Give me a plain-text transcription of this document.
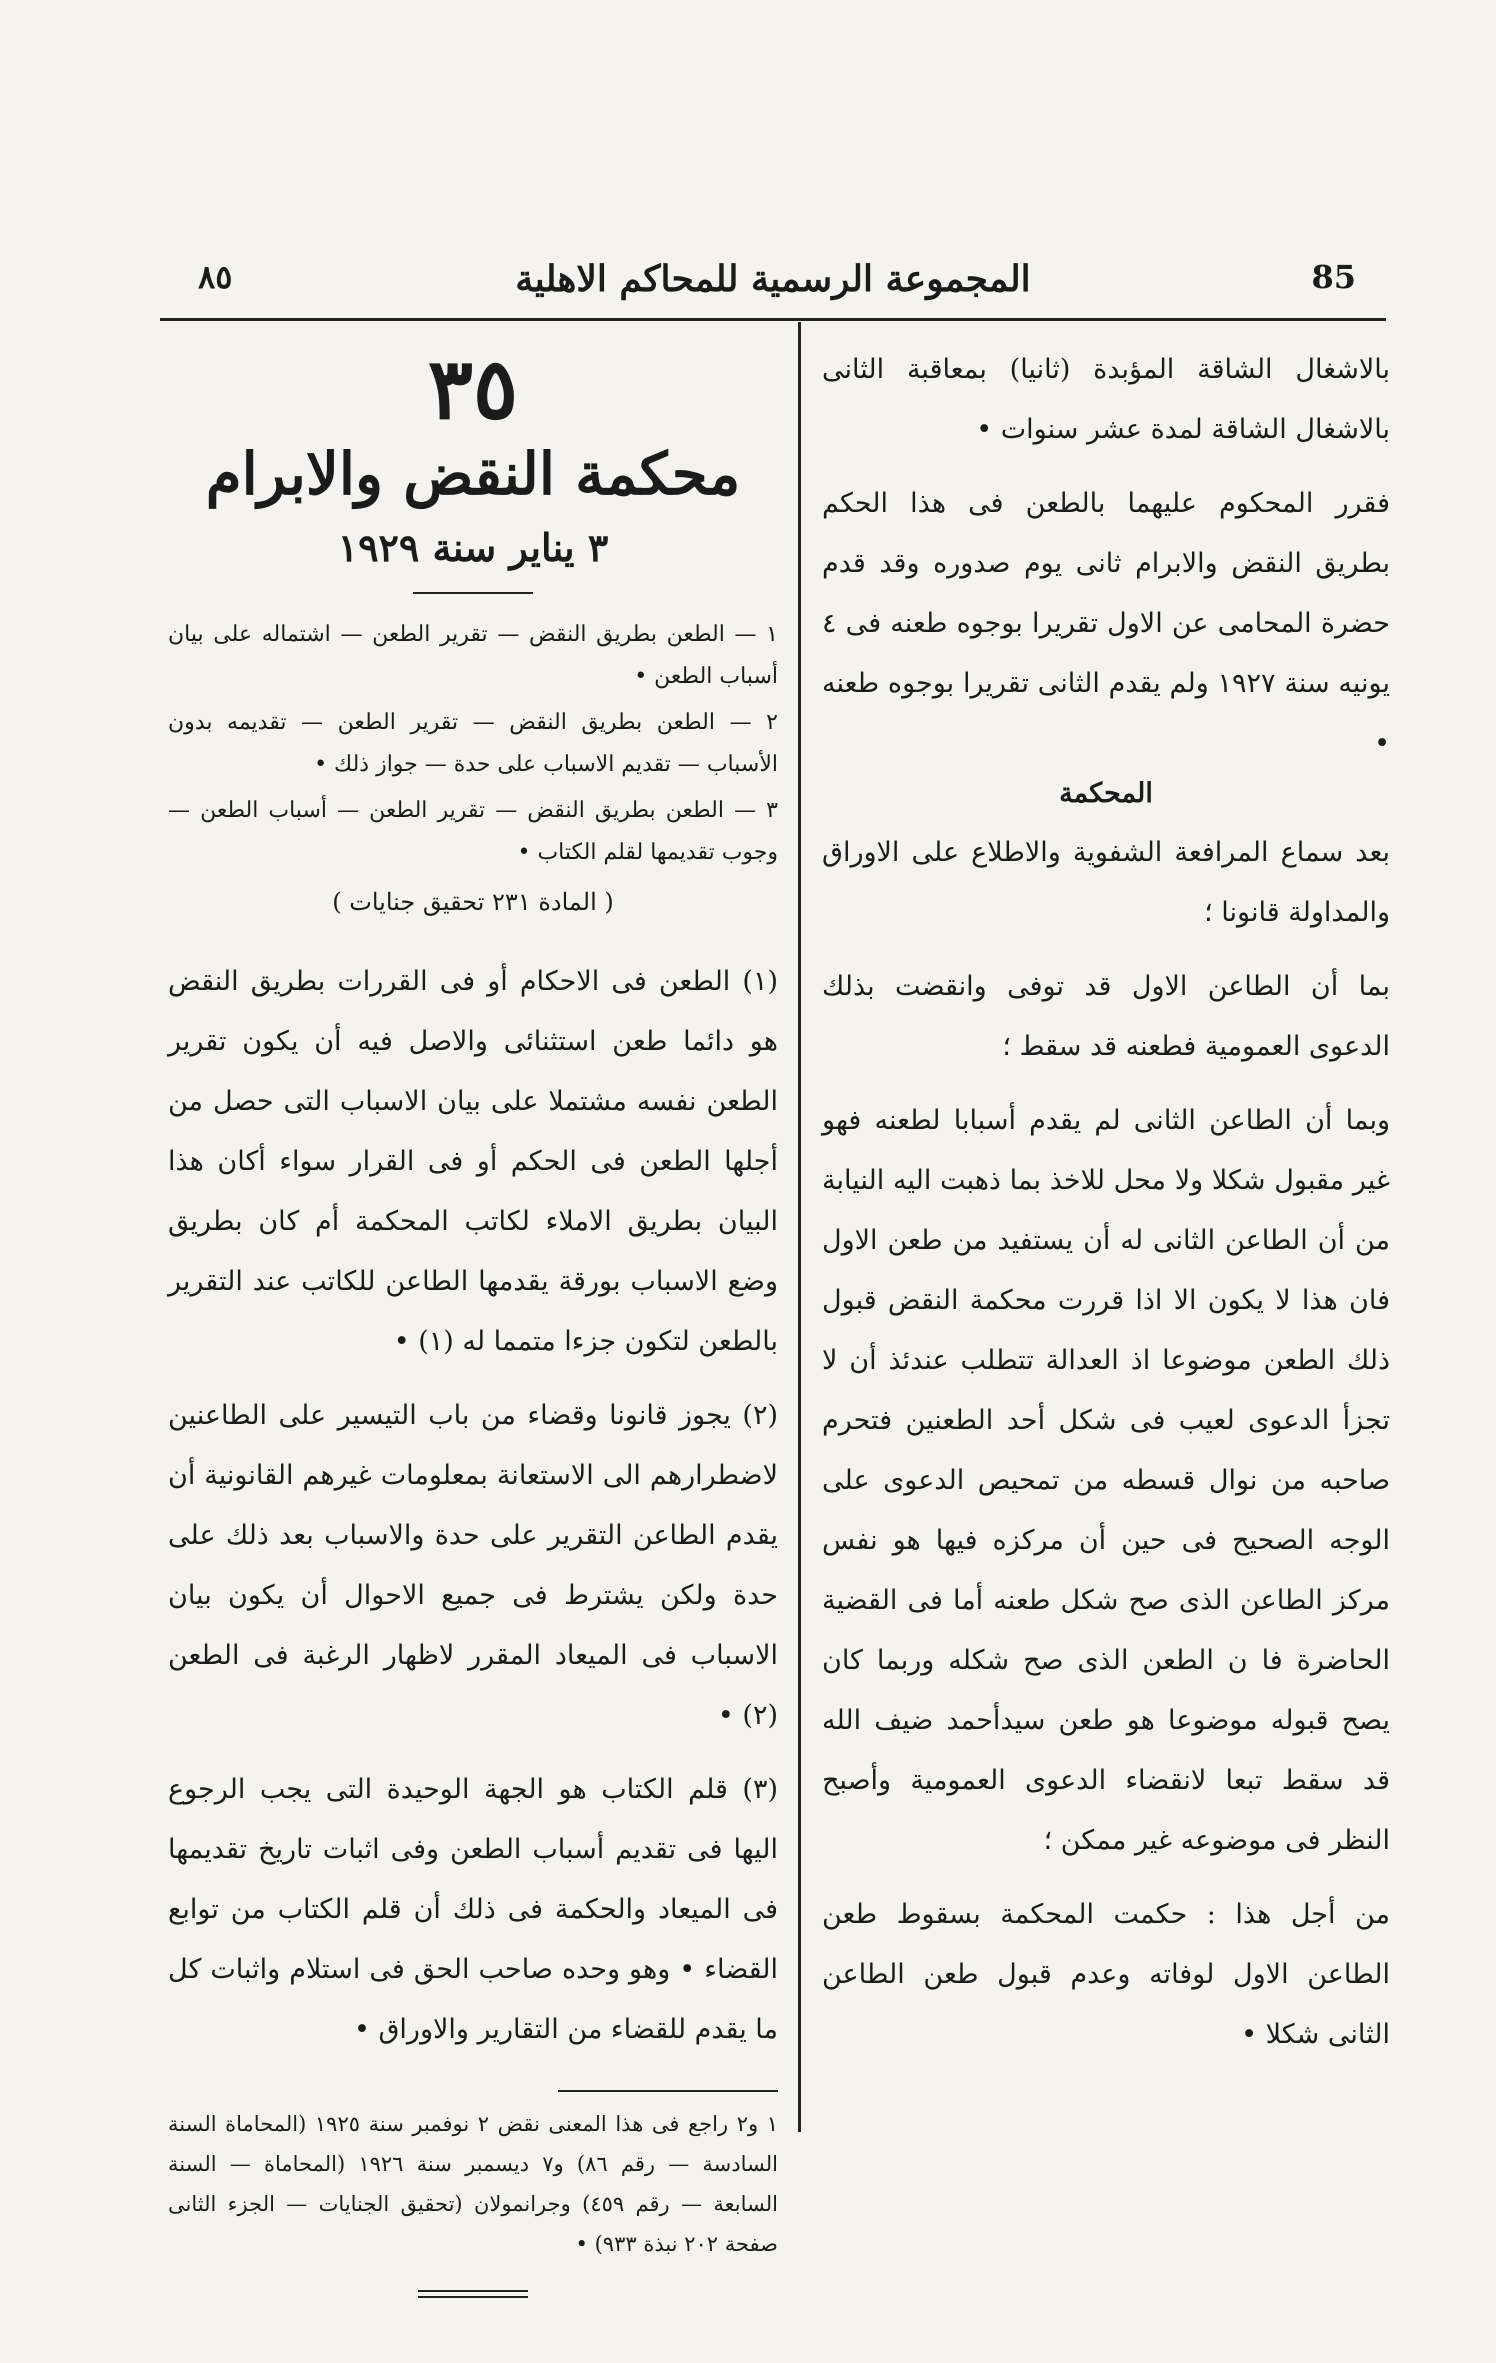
٨٥	المجموعة الرسمية للمحاكم الاهلية	85

بالاشغال الشاقة المؤبدة (ثانيا) بمعاقبة الثانى بالاشغال الشاقة لمدة عشر سنوات •

فقرر المحكوم عليهما بالطعن فى هذا الحكم بطريق النقض والابرام ثانى يوم صدوره وقد قدم حضرة المحامى عن الاول تقريرا بوجوه طعنه فى ٤ يونيه سنة ١٩٢٧ ولم يقدم الثانى تقريرا بوجوه طعنه •

المحكمة

بعد سماع المرافعة الشفوية والاطلاع على الاوراق والمداولة قانونا ؛

بما أن الطاعن الاول قد توفى وانقضت بذلك الدعوى العمومية فطعنه قد سقط ؛

وبما أن الطاعن الثانى لم يقدم أسبابا لطعنه فهو غير مقبول شكلا ولا محل للاخذ بما ذهبت اليه النيابة من أن الطاعن الثانى له أن يستفيد من طعن الاول فان هذا لا يكون الا اذا قررت محكمة النقض قبول ذلك الطعن موضوعا اذ العدالة تتطلب عندئذ أن لا تجزأ الدعوى لعيب فى شكل أحد الطعنين فتحرم صاحبه من نوال قسطه من تمحيص الدعوى على الوجه الصحيح فى حين أن مركزه فيها هو نفس مركز الطاعن الذى صح شكل طعنه أما فى القضية الحاضرة فا ن الطعن الذى صح شكله وربما كان يصح قبوله موضوعا هو طعن سيدأحمد ضيف الله قد سقط تبعا لانقضاء الدعوى العمومية وأصبح النظر فى موضوعه غير ممكن ؛

من أجل هذا : حكمت المحكمة بسقوط طعن الطاعن الاول لوفاته وعدم قبول طعن الطاعن الثانى شكلا •

٣٥
محكمة النقض والابرام
٣ يناير سنة ١٩٢٩

١ — الطعن بطريق النقض — تقرير الطعن — اشتماله على بيان أسباب الطعن •

٢ — الطعن بطريق النقض — تقرير الطعن — تقديمه بدون الأسباب — تقديم الاسباب على حدة — جواز ذلك •

٣ — الطعن بطريق النقض — تقرير الطعن — أسباب الطعن — وجوب تقديمها لقلم الكتاب •

( المادة ٢٣١ تحقيق جنايات )

(١) الطعن فى الاحكام أو فى القررات بطريق النقض هو دائما طعن استثنائى والاصل فيه أن يكون تقرير الطعن نفسه مشتملا على بيان الاسباب التى حصل من أجلها الطعن فى الحكم أو فى القرار سواء أكان هذا البيان بطريق الاملاء لكاتب المحكمة أم كان بطريق وضع الاسباب بورقة يقدمها الطاعن للكاتب عند التقرير بالطعن لتكون جزءا متمما له (١) •

(٢) يجوز قانونا وقضاء من باب التيسير على الطاعنين لاضطرارهم الى الاستعانة بمعلومات غيرهم القانونية أن يقدم الطاعن التقرير على حدة والاسباب بعد ذلك على حدة ولكن يشترط فى جميع الاحوال أن يكون بيان الاسباب فى الميعاد المقرر لاظهار الرغبة فى الطعن (٢) •

(٣) قلم الكتاب هو الجهة الوحيدة التى يجب الرجوع اليها فى تقديم أسباب الطعن وفى اثبات تاريخ تقديمها فى الميعاد والحكمة فى ذلك أن قلم الكتاب من توابع القضاء • وهو وحده صاحب الحق فى استلام واثبات كل ما يقدم للقضاء من التقارير والاوراق •

١ و٢ راجع فى هذا المعنى نقض ٢ نوفمبر سنة ١٩٢٥ (المحاماة السنة السادسة — رقم ٨٦) و٧ ديسمبر سنة ١٩٢٦ (المحاماة — السنة السابعة — رقم ٤٥٩) وجرانمولان (تحقيق الجنايات — الجزء الثانى صفحة ٢٠٢ نبذة ٩٣٣) •
